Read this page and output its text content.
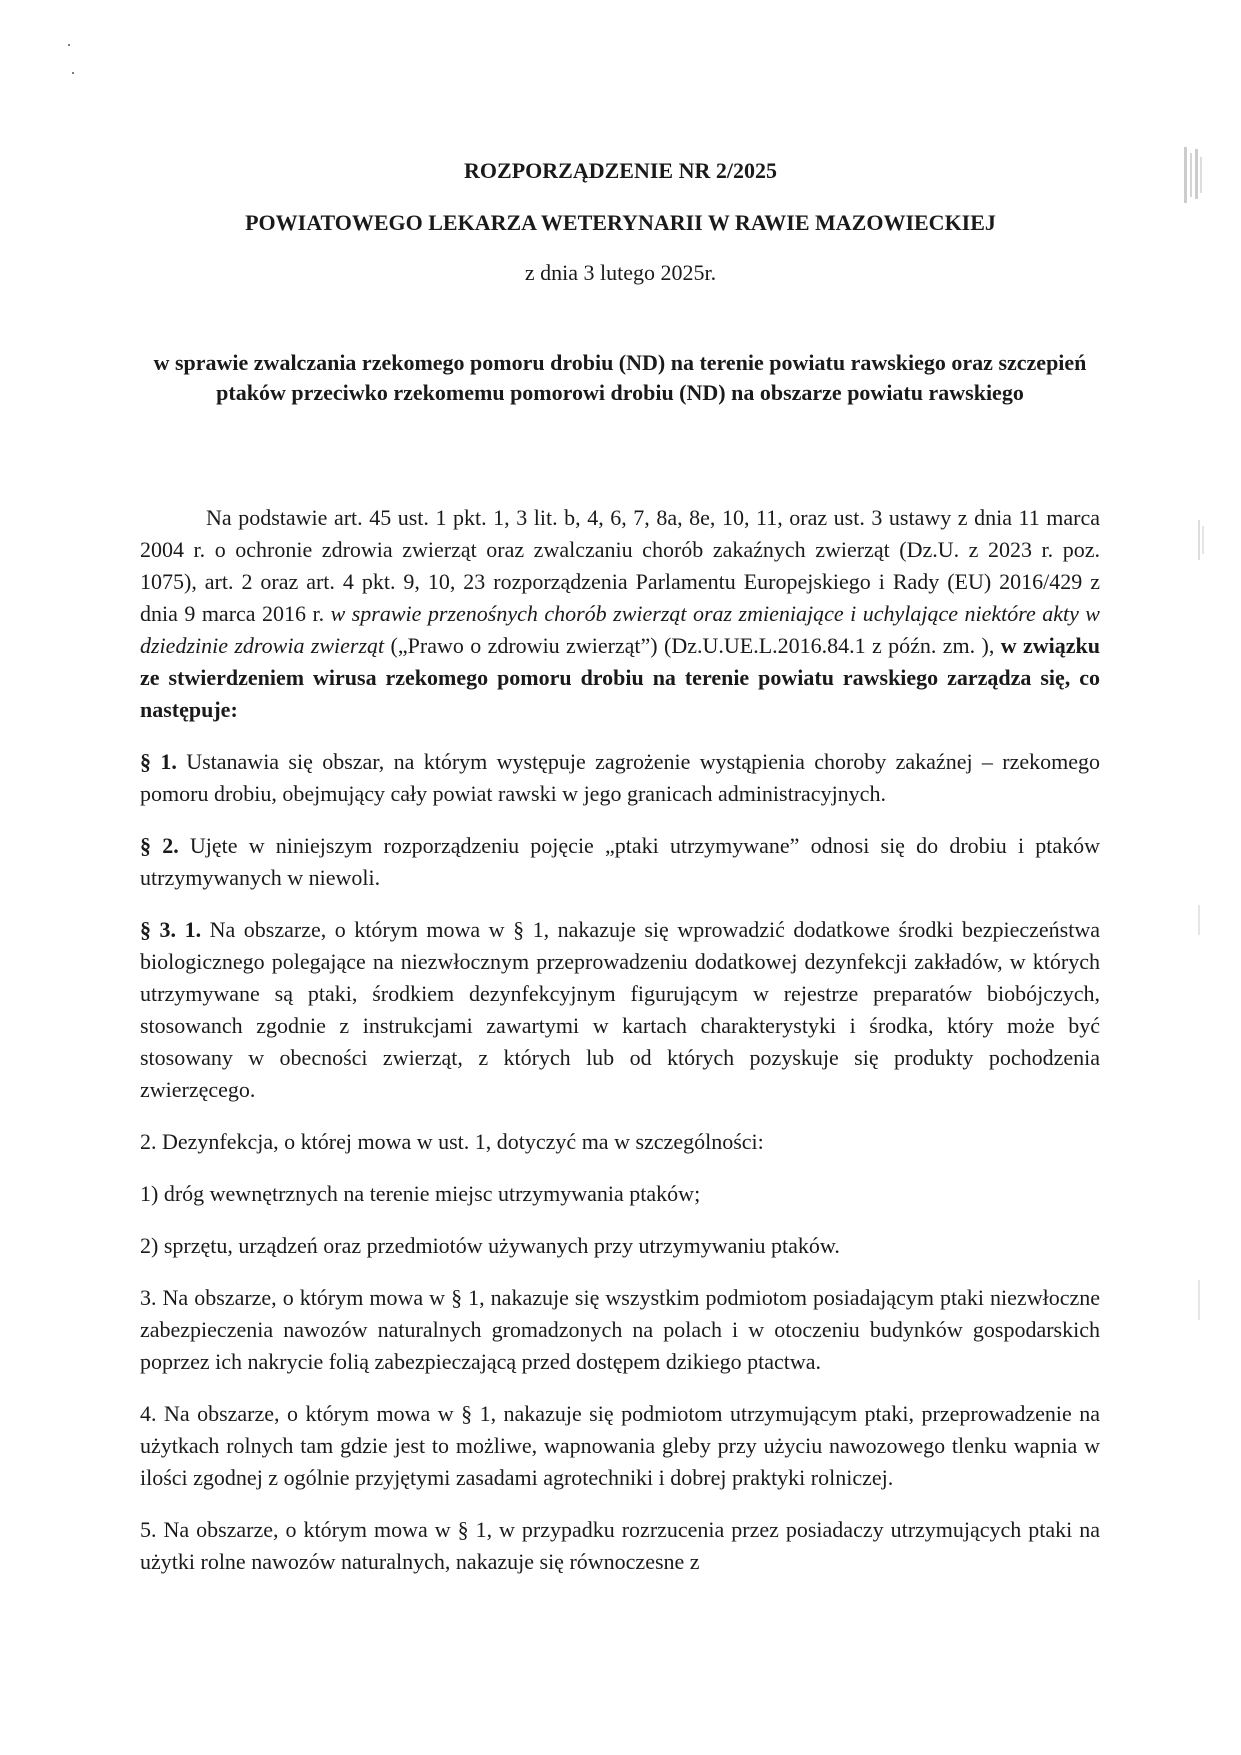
ROZPORZĄDZENIE NR 2/2025
POWIATOWEGO LEKARZA WETERYNARII W RAWIE MAZOWIECKIEJ
z dnia 3 lutego 2025r.
w sprawie zwalczania rzekomego pomoru drobiu (ND) na terenie powiatu rawskiego oraz szczepień ptaków przeciwko rzekomemu pomorowi drobiu (ND) na obszarze powiatu rawskiego

Na podstawie art. 45 ust. 1 pkt. 1, 3 lit. b, 4, 6, 7, 8a, 8e, 10, 11, oraz ust. 3 ustawy z dnia 11 marca 2004 r. o ochronie zdrowia zwierząt oraz zwalczaniu chorób zakaźnych zwierząt (Dz.U. z 2023 r. poz. 1075), art. 2 oraz art. 4 pkt. 9, 10, 23 rozporządzenia Parlamentu Europejskiego i Rady (EU) 2016/429 z dnia 9 marca 2016 r. w sprawie przenośnych chorób zwierząt oraz zmieniające i uchylające niektóre akty w dziedzinie zdrowia zwierząt („Prawo o zdrowiu zwierząt”) (Dz.U.UE.L.2016.84.1 z późn. zm. ), w związku ze stwierdzeniem wirusa rzekomego pomoru drobiu na terenie powiatu rawskiego zarządza się, co następuje:

§ 1. Ustanawia się obszar, na którym występuje zagrożenie wystąpienia choroby zakaźnej – rzekomego pomoru drobiu, obejmujący cały powiat rawski w jego granicach administracyjnych.

§ 2. Ujęte w niniejszym rozporządzeniu pojęcie „ptaki utrzymywane” odnosi się do drobiu i ptaków utrzymywanych w niewoli.

§ 3. 1. Na obszarze, o którym mowa w § 1, nakazuje się wprowadzić dodatkowe środki bezpieczeństwa biologicznego polegające na niezwłocznym przeprowadzeniu dodatkowej dezynfekcji zakładów, w których utrzymywane są ptaki, środkiem dezynfekcyjnym figurującym w rejestrze preparatów biobójczych, stosowanch zgodnie z instrukcjami zawartymi w kartach charakterystyki i środka, który może być stosowany w obecności zwierząt, z których lub od których pozyskuje się produkty pochodzenia zwierzęcego.

2. Dezynfekcja, o której mowa w ust. 1, dotyczyć ma w szczególności:

1) dróg wewnętrznych na terenie miejsc utrzymywania ptaków;

2) sprzętu, urządzeń oraz przedmiotów używanych przy utrzymywaniu ptaków.

3. Na obszarze, o którym mowa w § 1, nakazuje się wszystkim podmiotom posiadającym ptaki niezwłoczne zabezpieczenia nawozów naturalnych gromadzonych na polach i w otoczeniu budynków gospodarskich poprzez ich nakrycie folią zabezpieczającą przed dostępem dzikiego ptactwa.

4. Na obszarze, o którym mowa w § 1, nakazuje się podmiotom utrzymującym ptaki, przeprowadzenie na użytkach rolnych tam gdzie jest to możliwe, wapnowania gleby przy użyciu nawozowego tlenku wapnia w ilości zgodnej z ogólnie przyjętymi zasadami agrotechniki i dobrej praktyki rolniczej.

5. Na obszarze, o którym mowa w § 1, w przypadku rozrzucenia przez posiadaczy utrzymujących ptaki na użytki rolne nawozów naturalnych, nakazuje się równoczesne z
